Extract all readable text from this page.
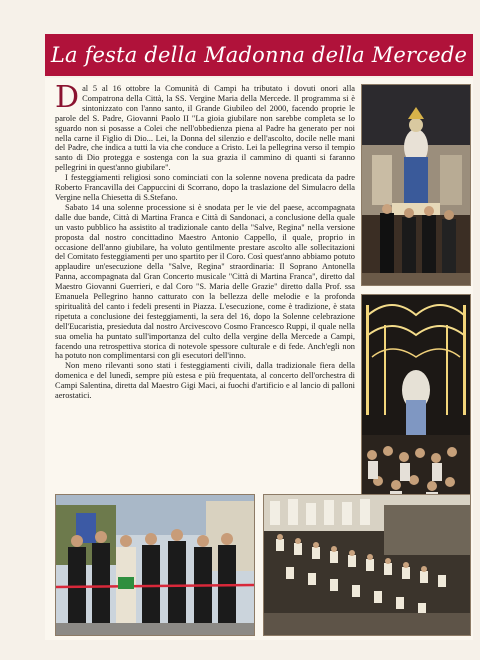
La festa della Madonna della Mercede

Dal 5 al 16 ottobre la Comunità di Campi ha tributato i dovuti onori alla Compatrona della Città, la SS. Vergine Maria della Mercede. Il programma si è sintonizzato con l'anno santo, il Grande Giubileo del 2000, facendo proprie le parole del S. Padre, Giovanni Paolo II "La gioia giubilare non sarebbe completa se lo sguardo non si posasse a Colei che nell'obbedienza piena al Padre ha generato per noi nella carne il Figlio di Dio... Lei, la Donna del silenzio e dell'ascolto, docile nelle mani del Padre, che indica a tutti la via che conduce a Cristo. Lei la pellegrina verso il tempio santo di Dio protegga e sostenga con la sua grazia il cammino di quanti si faranno pellegrini in quest'anno giubilare".

I festeggiamenti religiosi sono cominciati con la solenne novena predicata da padre Roberto Francavilla dei Cappuccini di Scorrano, dopo la traslazione del Simulacro della Vergine nella Chiesetta di S.Stefano.

Sabato 14 una solenne processione si è snodata per le vie del paese, accompagnata dalle due bande, Città di Martina Franca e Città di Sandonaci, a conclusione della quale un vasto pubblico ha assistito al tradizionale canto della "Salve, Regina" nella versione proposta dal nostro concittadino Maestro Antonio Cappello, il quale, proprio in occasione dell'anno giubilare, ha voluto gentilmente prestare ascolto alle sollecitazioni del Comitato festeggiamenti per uno spartito per il Coro. Così quest'anno abbiamo potuto applaudire un'esecuzione della "Salve, Regina" straordinaria: Il Soprano Antonella Panna, accompagnata dal Gran Concerto musicale "Città di Martina Franca", diretto dal Maestro Giovanni Guerrieri, e dal Coro "S. Maria delle Grazie" diretto dalla Prof. ssa Emanuela Pellegrino hanno catturato con la bellezza delle melodie e la profonda spiritualità del canto i fedeli presenti in Piazza. L'esecuzione, come è tradizione, è stata ripetuta a conclusione dei festeggiamenti, la sera del 16, dopo la Solenne celebrazione dell'Eucaristia, presieduta dal nostro Arcivescovo Cosmo Francesco Ruppi, il quale nella sua omelia ha puntato sull'importanza del culto della vergine della Mercede a Campi, facendo una retrospettiva storica di notevole spessore culturale e di fede. Anch'egli non ha potuto non complimentarsi con gli esecutori dell'inno.

Non meno rilevanti sono stati i festeggiamenti civili, dalla tradizionale fiera della domenica e del lunedì, sempre più estesa e più frequentata, al concerto dell'orchestra di Campi Salentina, diretta dal Maestro Gigi Maci, ai fuochi d'artificio e al lancio di palloni aerostatici.
